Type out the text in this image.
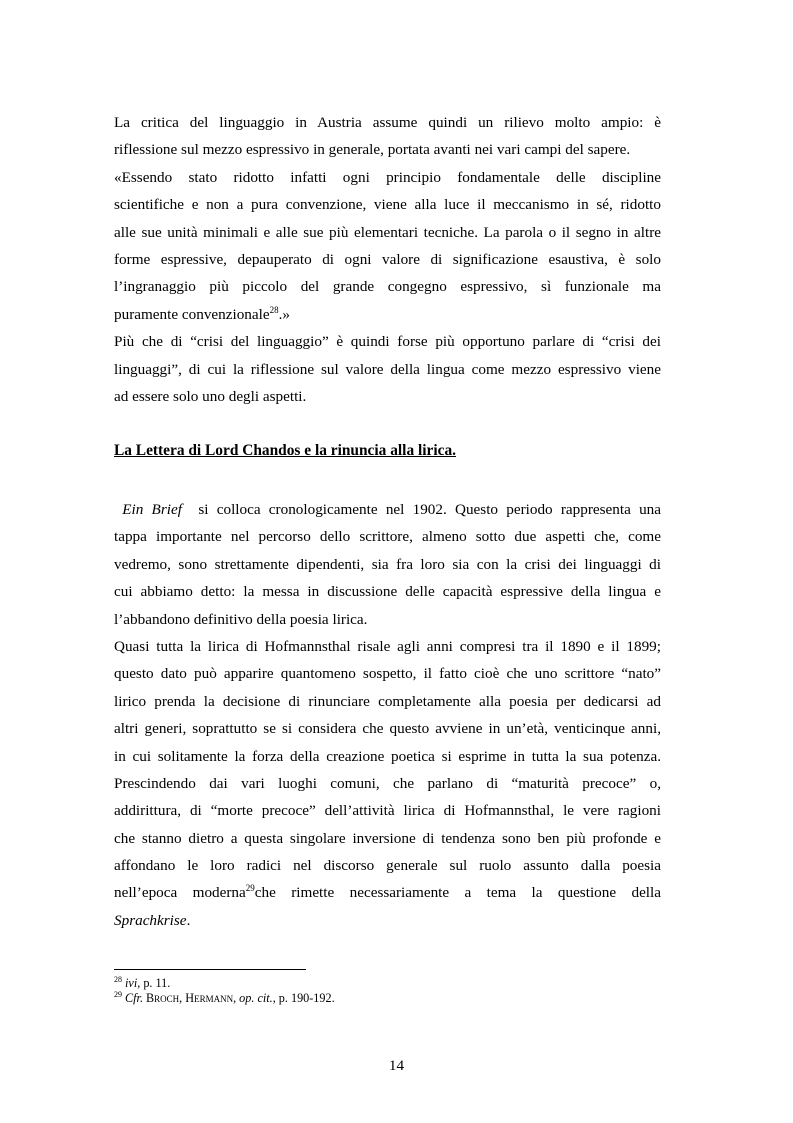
La critica del linguaggio in Austria assume quindi un rilievo molto ampio: è
riflessione sul mezzo espressivo in generale, portata avanti nei vari campi del sapere.
«Essendo stato ridotto infatti ogni principio fondamentale delle discipline
scientifiche e non a pura convenzione, viene alla luce il meccanismo in sé, ridotto
alle sue unità minimali e alle sue più elementari tecniche. La parola o il segno in altre
forme espressive, depauperato di ogni valore di significazione esaustiva, è solo
l’ingranaggio più piccolo del grande congegno espressivo, sì funzionale ma
puramente convenzionale$^{28}$.»
Più che di “crisi del linguaggio” è quindi forse più opportuno parlare di “crisi dei
linguaggi”, di cui la riflessione sul valore della lingua come mezzo espressivo viene
ad essere solo uno degli aspetti.
La Lettera di Lord Chandos e la rinuncia alla lirica.
Ein Brief si colloca cronologicamente nel 1902. Questo periodo rappresenta una
tappa importante nel percorso dello scrittore, almeno sotto due aspetti che, come
vedremo, sono strettamente dipendenti, sia fra loro sia con la crisi dei linguaggi di
cui abbiamo detto: la messa in discussione delle capacità espressive della lingua e
l’abbandono definitivo della poesia lirica.
Quasi tutta la lirica di Hofmannsthal risale agli anni compresi tra il 1890 e il 1899;
questo dato può apparire quantomeno sospetto, il fatto cioè che uno scrittore “nato”
lirico prenda la decisione di rinunciare completamente alla poesia per dedicarsi ad
altri generi, soprattutto se si considera che questo avviene in un’età, venticinque anni,
in cui solitamente la forza della creazione poetica si esprime in tutta la sua potenza.
Prescindendo dai vari luoghi comuni, che parlano di “maturità precoce” o,
addirittura, di “morte precoce” dell’attività lirica di Hofmannsthal, le vere ragioni
che stanno dietro a questa singolare inversione di tendenza sono ben più profonde e
affondano le loro radici nel discorso generale sul ruolo assunto dalla poesia
nell’epoca moderna$^{29}$che rimette necessariamente a tema la questione della
Sprachkrise.
$^{28}$ ivi, p. 11.
$^{29}$ Cfr. Broch, Hermann, op. cit., p. 190-192.
14
